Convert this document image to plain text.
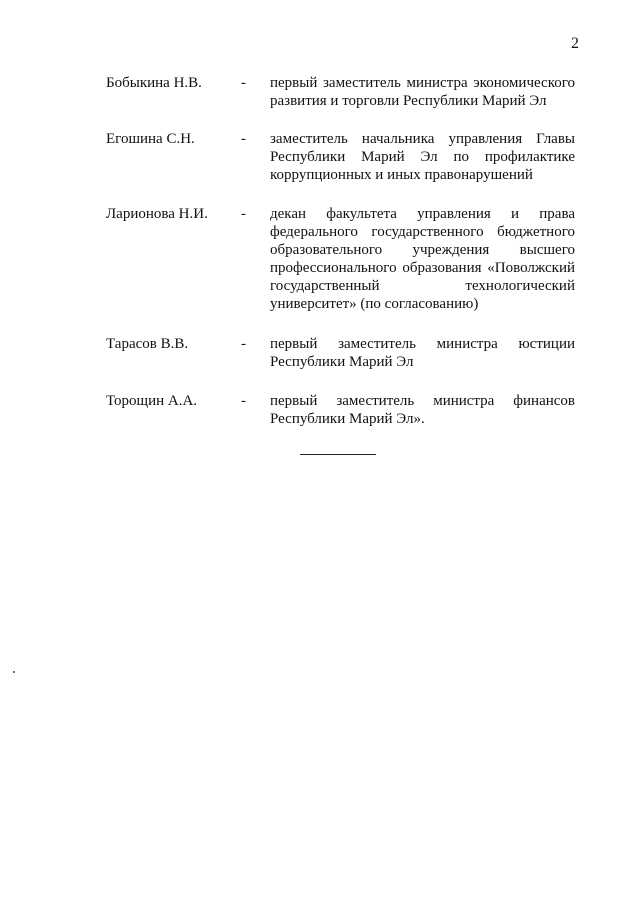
2
Бобыкина Н.В.	- первый заместитель министра экономического развития и торговли Республики Марий Эл
Егошина С.Н.	- заместитель начальника управления Главы Республики Марий Эл по профилактике коррупционных и иных правонарушений
Ларионова Н.И. - декан факультета управления и права федерального государственного бюджетного образовательного учреждения высшего профессионального образования «Поволжский государственный технологический университет» (по согласованию)
Тарасов В.В.	- первый заместитель министра юстиции Республики Марий Эл
Торощин А.А.	- первый заместитель министра финансов Республики Марий Эл».
